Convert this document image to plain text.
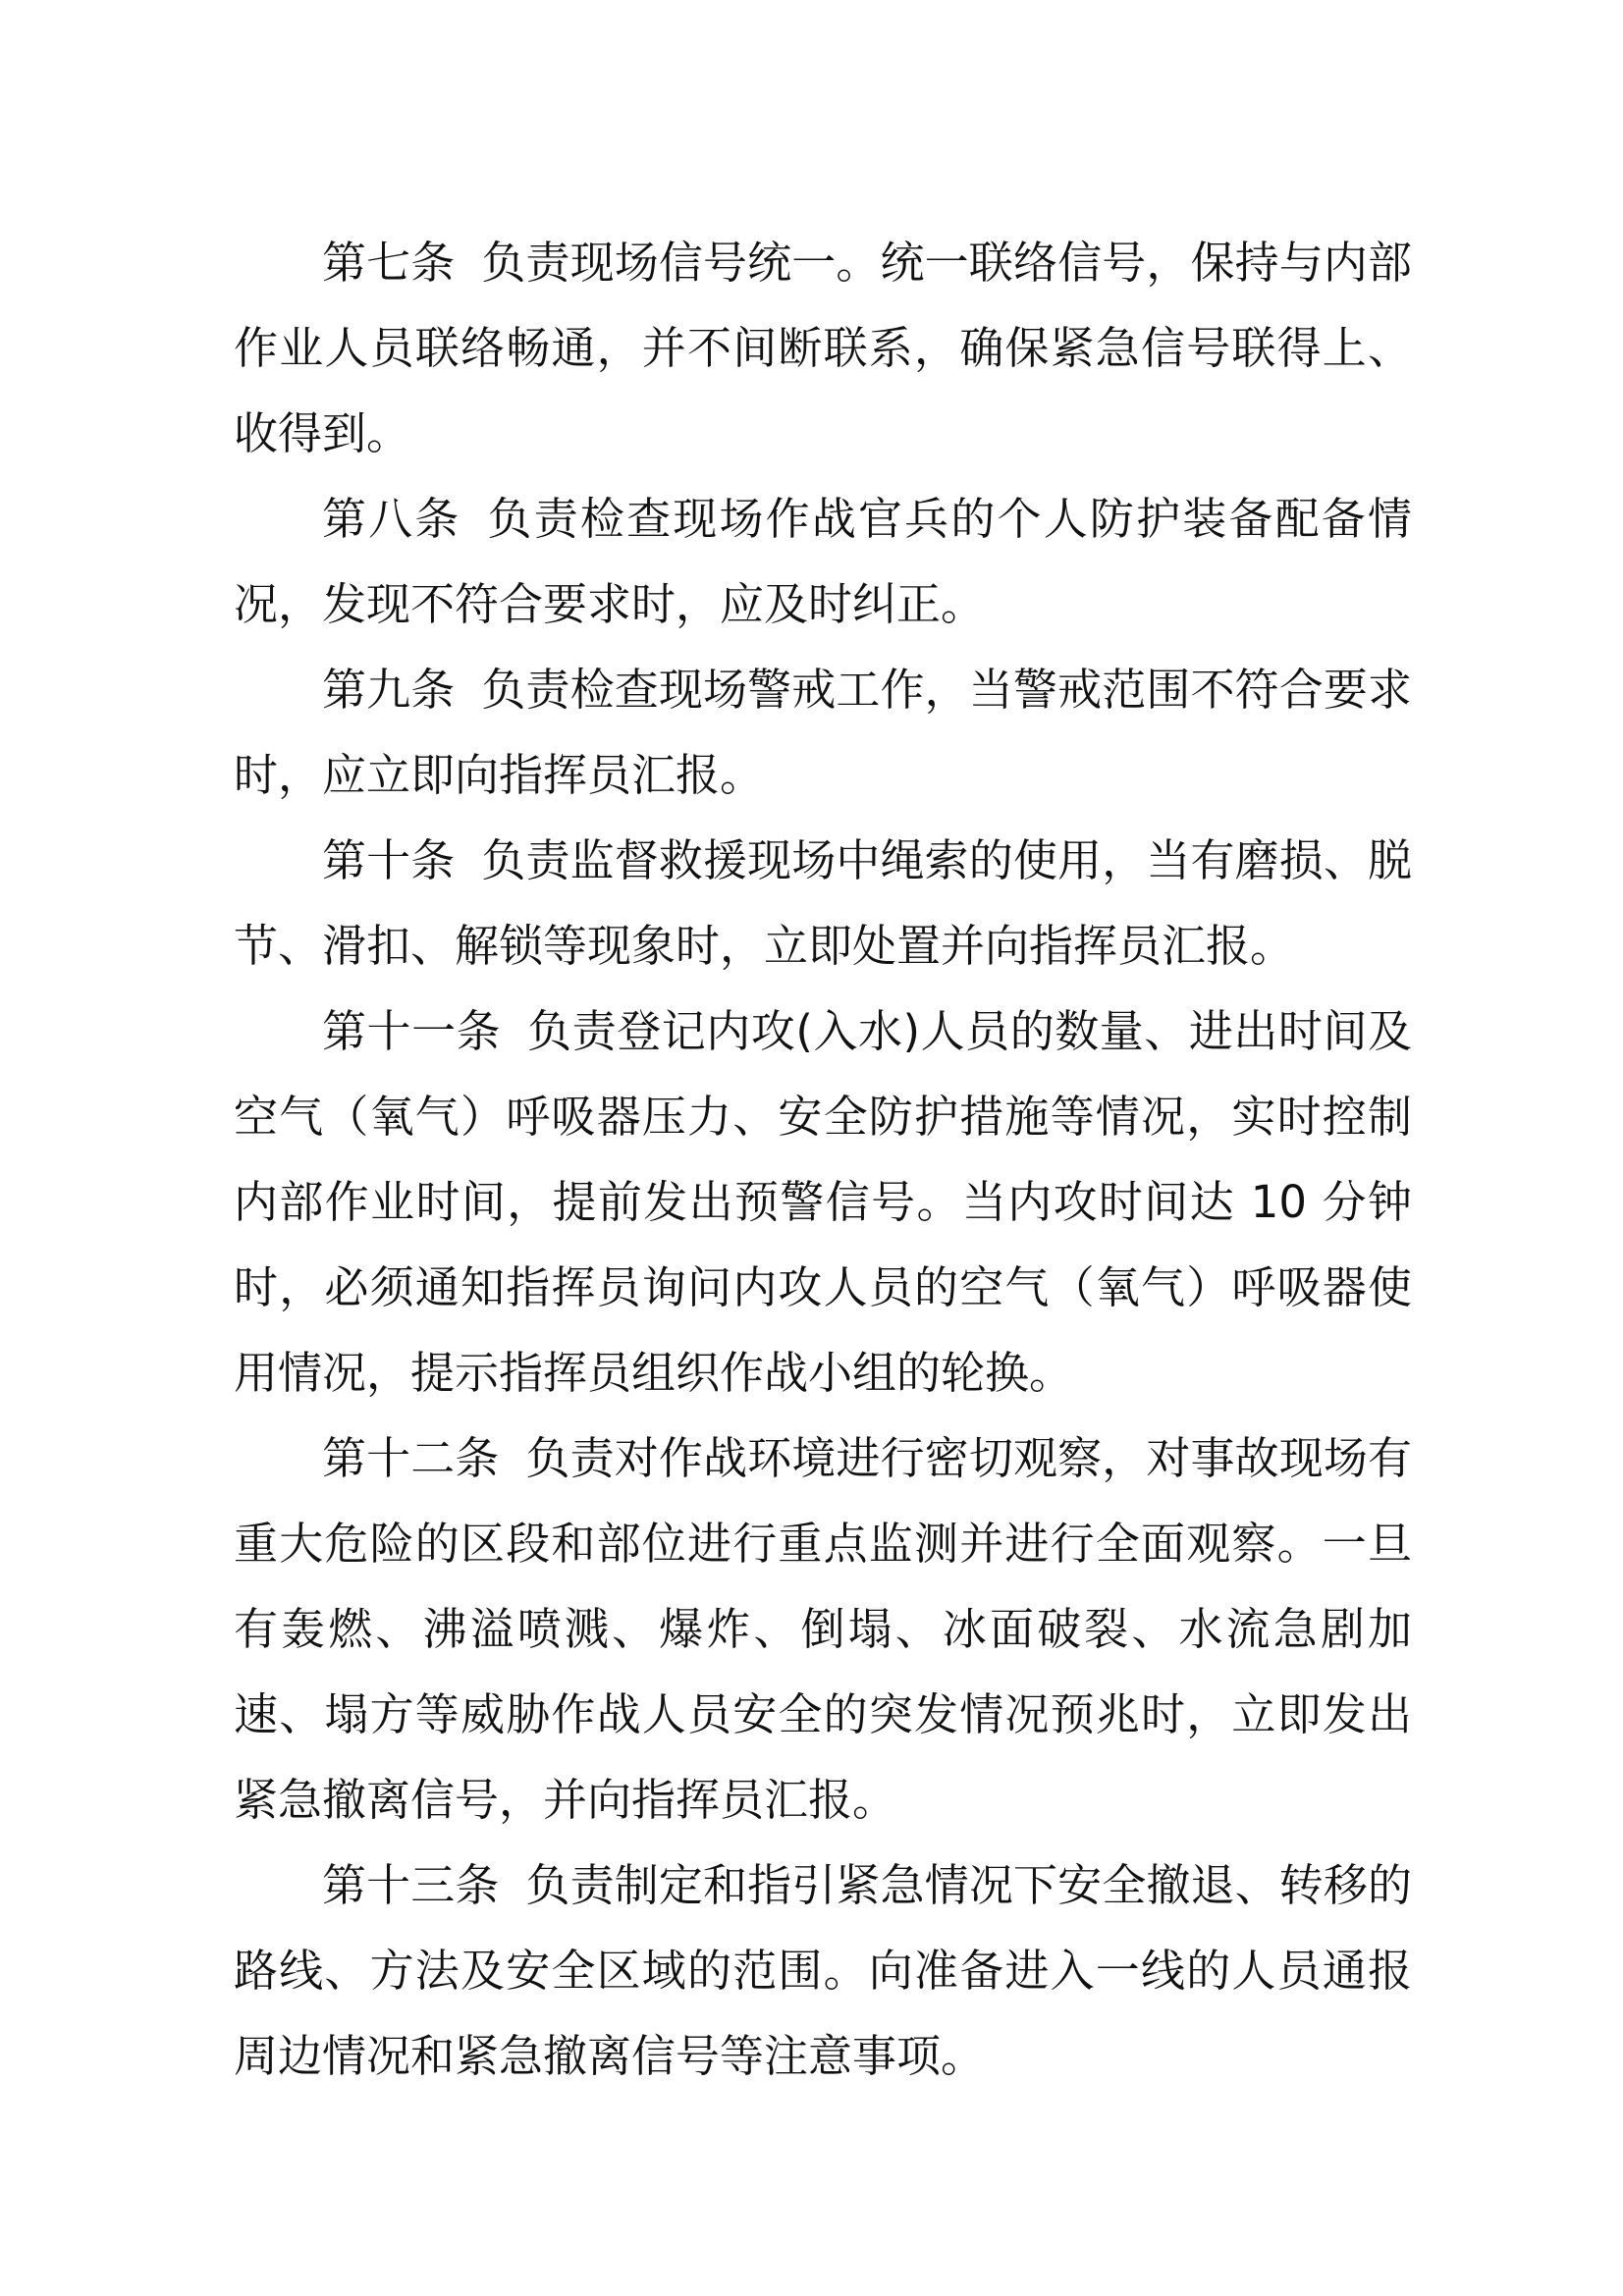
第七条 负责现场信号统一。统一联络信号，保持与内部作业人员联络畅通，并不间断联系，确保紧急信号联得上、收得到。

第八条 负责检查现场作战官兵的个人防护装备配备情况，发现不符合要求时，应及时纠正。

第九条 负责检查现场警戒工作，当警戒范围不符合要求时，应立即向指挥员汇报。

第十条 负责监督救援现场中绳索的使用，当有磨损、脱节、滑扣、解锁等现象时，立即处置并向指挥员汇报。

第十一条 负责登记内攻(入水)人员的数量、进出时间及空气（氧气）呼吸器压力、安全防护措施等情况，实时控制内部作业时间，提前发出预警信号。当内攻时间达 10 分钟时，必须通知指挥员询问内攻人员的空气（氧气）呼吸器使用情况，提示指挥员组织作战小组的轮换。

第十二条 负责对作战环境进行密切观察，对事故现场有重大危险的区段和部位进行重点监测并进行全面观察。一旦有轰燃、沸溢喷溅、爆炸、倒塌、冰面破裂、水流急剧加速、塌方等威胁作战人员安全的突发情况预兆时，立即发出紧急撤离信号，并向指挥员汇报。

第十三条 负责制定和指引紧急情况下安全撤退、转移的路线、方法及安全区域的范围。向准备进入一线的人员通报周边情况和紧急撤离信号等注意事项。
